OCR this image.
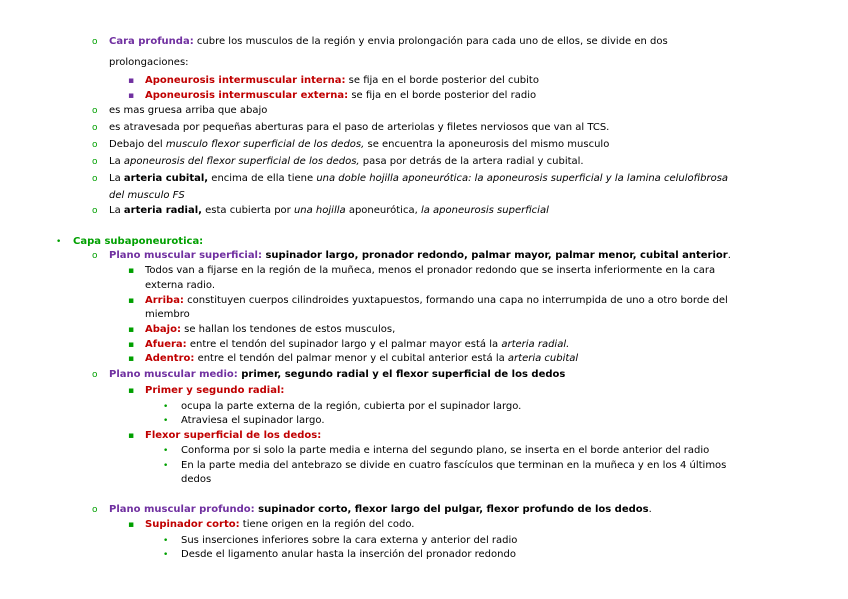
o Cara profunda: cubre los musculos de la región y envia prolongación para cada uno de ellos, se divide en dos
prolongaciones:
▪ Aponeurosis intermuscular interna: se fija en el borde posterior del cubito
▪ Aponeurosis intermuscular externa: se fija en el borde posterior del radio
o es mas gruesa arriba que abajo
o es atravesada por pequeñas aberturas para el paso de arteriolas y filetes nerviosos que van al TCS.
o Debajo del musculo flexor superficial de los dedos, se encuentra la aponeurosis del mismo musculo
o La aponeurosis del flexor superficial de los dedos, pasa por detrás de la artera radial y cubital.
o La arteria cubital, encima de ella tiene una doble hojilla aponeurótica: la aponeurosis superficial y la lamina celulofibrosa
del musculo FS
o La arteria radial, esta cubierta por una hojilla aponeurótica, la aponeurosis superficial
• Capa subaponeurotica:
o Plano muscular superficial: supinador largo, pronador redondo, palmar mayor, palmar menor, cubital anterior.
▪ Todos van a fijarse en la región de la muñeca, menos el pronador redondo que se inserta inferiormente en la cara
externa radio.
▪ Arriba: constituyen cuerpos cilindroides yuxtapuestos, formando una capa no interrumpida de uno a otro borde del
miembro
▪ Abajo: se hallan los tendones de estos musculos,
▪ Afuera: entre el tendón del supinador largo y el palmar mayor está la arteria radial.
▪ Adentro: entre el tendón del palmar menor y el cubital anterior está la arteria cubital
o Plano muscular medio: primer, segundo radial y el flexor superficial de los dedos
▪ Primer y segundo radial:
• ocupa la parte externa de la región, cubierta por el supinador largo.
• Atraviesa el supinador largo.
▪ Flexor superficial de los dedos:
• Conforma por si solo la parte media e interna del segundo plano, se inserta en el borde anterior del radio
• En la parte media del antebrazo se divide en cuatro fascículos que terminan en la muñeca y en los 4 últimos
dedos
o Plano muscular profundo: supinador corto, flexor largo del pulgar, flexor profundo de los dedos.
▪ Supinador corto: tiene origen en la región del codo.
• Sus inserciones inferiores sobre la cara externa y anterior del radio
• Desde el ligamento anular hasta la inserción del pronador redondo
